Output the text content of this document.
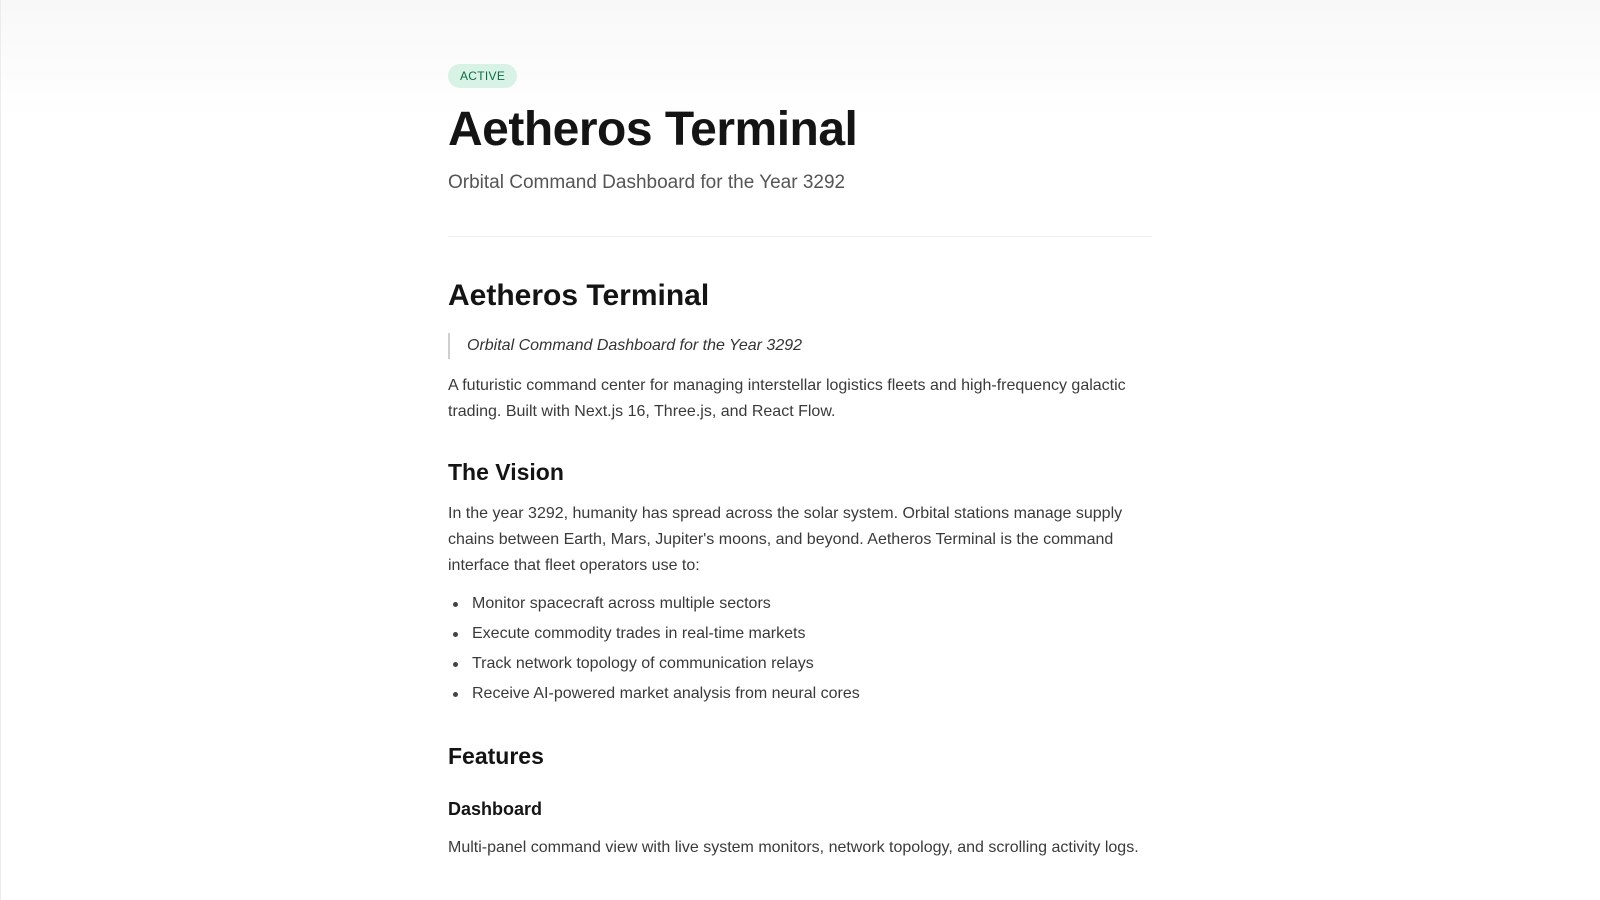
ACTIVE
Aetheros Terminal

Orbital Command Dashboard for the Year 3292

Aetheros Terminal
Orbital Command Dashboard for the Year 3292

A futuristic command center for managing interstellar logistics fleets and high-frequency galactic trading. Built with Next.js 16, Three.js, and React Flow.

The Vision

In the year 3292, humanity has spread across the solar system. Orbital stations manage supply chains between Earth, Mars, Jupiter's moons, and beyond. Aetheros Terminal is the command interface that fleet operators use to:

Monitor spacecraft across multiple sectors
Execute commodity trades in real-time markets
Track network topology of communication relays
Receive AI-powered market analysis from neural cores
Features
Dashboard

Multi-panel command view with live system monitors, network topology, and scrolling activity logs.
